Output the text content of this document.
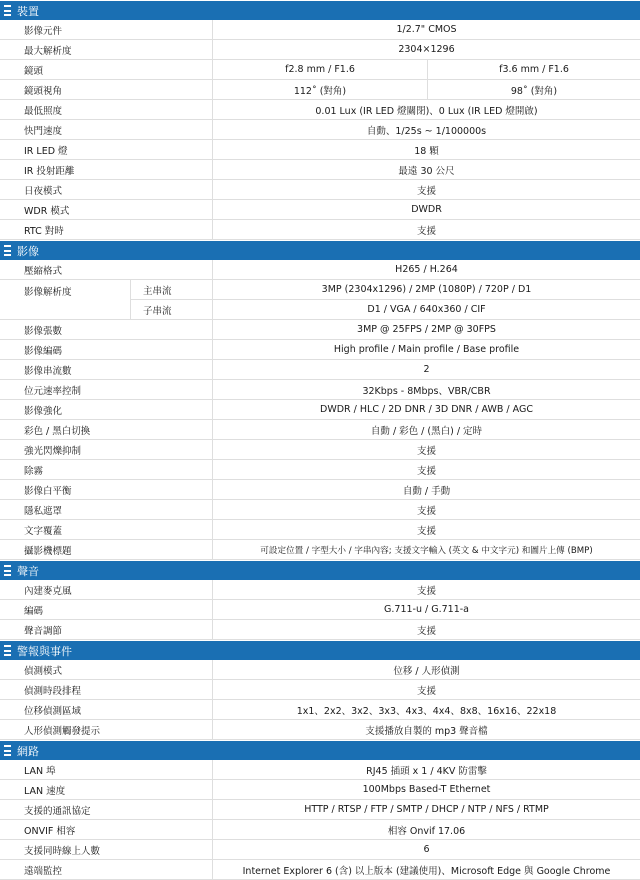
裝置
影像元件	1/2.7" CMOS
最大解析度	2304×1296
鏡頭	f2.8 mm / F1.6	f3.6 mm / F1.6
鏡頭視角	112˚ (對角)	98˚ (對角)
最低照度	0.01 Lux (IR LED 燈關閉)、0 Lux (IR LED 燈開啟)
快門速度	自動、1/25s ~ 1/100000s
IR LED 燈	18 顆
IR 投射距離	最遠 30 公尺
日夜模式	支援
WDR 模式	DWDR
RTC 對時	支援
影像
壓縮格式	H265 / H.264
影像解析度	主串流	3MP (2304x1296) / 2MP (1080P) / 720P / D1
子串流	D1 / VGA / 640x360 / CIF
影像張數	3MP @ 25FPS / 2MP @ 30FPS
影像編碼	High profile / Main profile / Base profile
影像串流數	2
位元速率控制	32Kbps - 8Mbps、VBR/CBR
影像強化	DWDR / HLC / 2D DNR / 3D DNR / AWB / AGC
彩色 / 黑白切換	自動 / 彩色 / (黑白) / 定時
強光閃爍抑制	支援
除霧	支援
影像白平衡	自動 / 手動
隱私遮罩	支援
文字覆蓋	支援
攝影機標題	可設定位置 / 字型大小 / 字串內容; 支援文字輸入 (英文 & 中文字元) 和圖片上傳 (BMP)
聲音
內建麥克風	支援
編碼	G.711-u / G.711-a
聲音調節	支援
警報與事件
偵測模式	位移 / 人形偵測
偵測時段排程	支援
位移偵測區域	1x1、2x2、3x2、3x3、4x3、4x4、8x8、16x16、22x18
人形偵測觸發提示	支援播放自製的 mp3 聲音檔
網路
LAN 埠	RJ45 插頭 x 1 / 4KV 防雷擊
LAN 速度	100Mbps Based-T Ethernet
支援的通訊協定	HTTP / RTSP / FTP / SMTP / DHCP / NTP / NFS / RTMP
ONVIF 相容	相容 Onvif 17.06
支援同時線上人數	6
遠端監控	Internet Explorer 6 (含) 以上版本 (建議使用)、Microsoft Edge 與 Google Chrome
